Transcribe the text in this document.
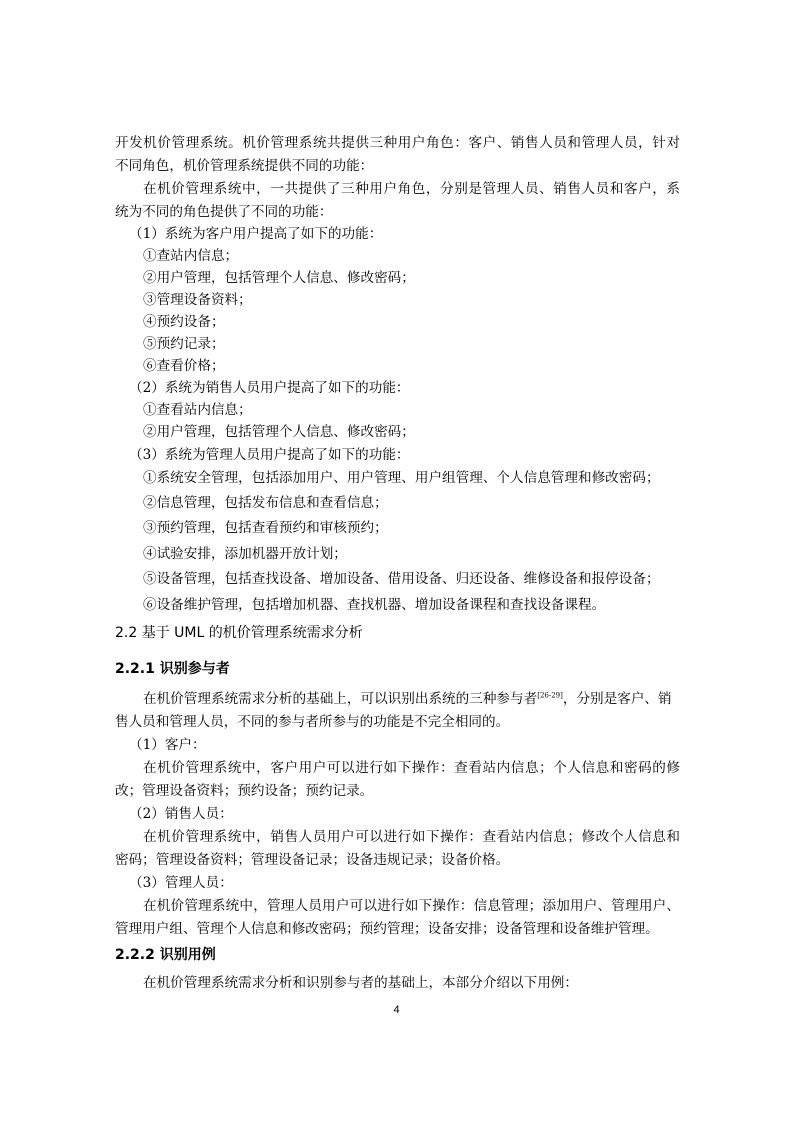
开发机价管理系统。机价管理系统共提供三种用户角色：客户、销售人员和管理人员，针对

不同角色，机价管理系统提供不同的功能：

在机价管理系统中，一共提供了三种用户角色，分别是管理人员、销售人员和客户，系

统为不同的角色提供了不同的功能：

（1）系统为客户用户提高了如下的功能：

①查站内信息；

②用户管理，包括管理个人信息、修改密码；

③管理设备资料；

④预约设备；

⑤预约记录；

⑥查看价格；

（2）系统为销售人员用户提高了如下的功能：

①查看站内信息；

②用户管理，包括管理个人信息、修改密码；

（3）系统为管理人员用户提高了如下的功能：

①系统安全管理，包括添加用户、用户管理、用户组管理、个人信息管理和修改密码；

②信息管理，包括发布信息和查看信息；

③预约管理，包括查看预约和审核预约；

④试验安排，添加机器开放计划；

⑤设备管理，包括查找设备、增加设备、借用设备、归还设备、维修设备和报停设备；

⑥设备维护管理，包括增加机器、查找机器、增加设备课程和查找设备课程。

2.2 基于 UML 的机价管理系统需求分析

2.2.1 识别参与者

在机价管理系统需求分析的基础上，可以识别出系统的三种参与者[26-29]，分别是客户、销

售人员和管理人员，不同的参与者所参与的功能是不完全相同的。

（1）客户：

在机价管理系统中，客户用户可以进行如下操作：查看站内信息；个人信息和密码的修

改；管理设备资料；预约设备；预约记录。

（2）销售人员：

在机价管理系统中，销售人员用户可以进行如下操作：查看站内信息；修改个人信息和

密码；管理设备资料；管理设备记录；设备违规记录；设备价格。

（3）管理人员：

在机价管理系统中，管理人员用户可以进行如下操作：信息管理；添加用户、管理用户、

管理用户组、管理个人信息和修改密码；预约管理；设备安排；设备管理和设备维护管理。

2.2.2 识别用例

在机价管理系统需求分析和识别参与者的基础上，本部分介绍以下用例：

4
